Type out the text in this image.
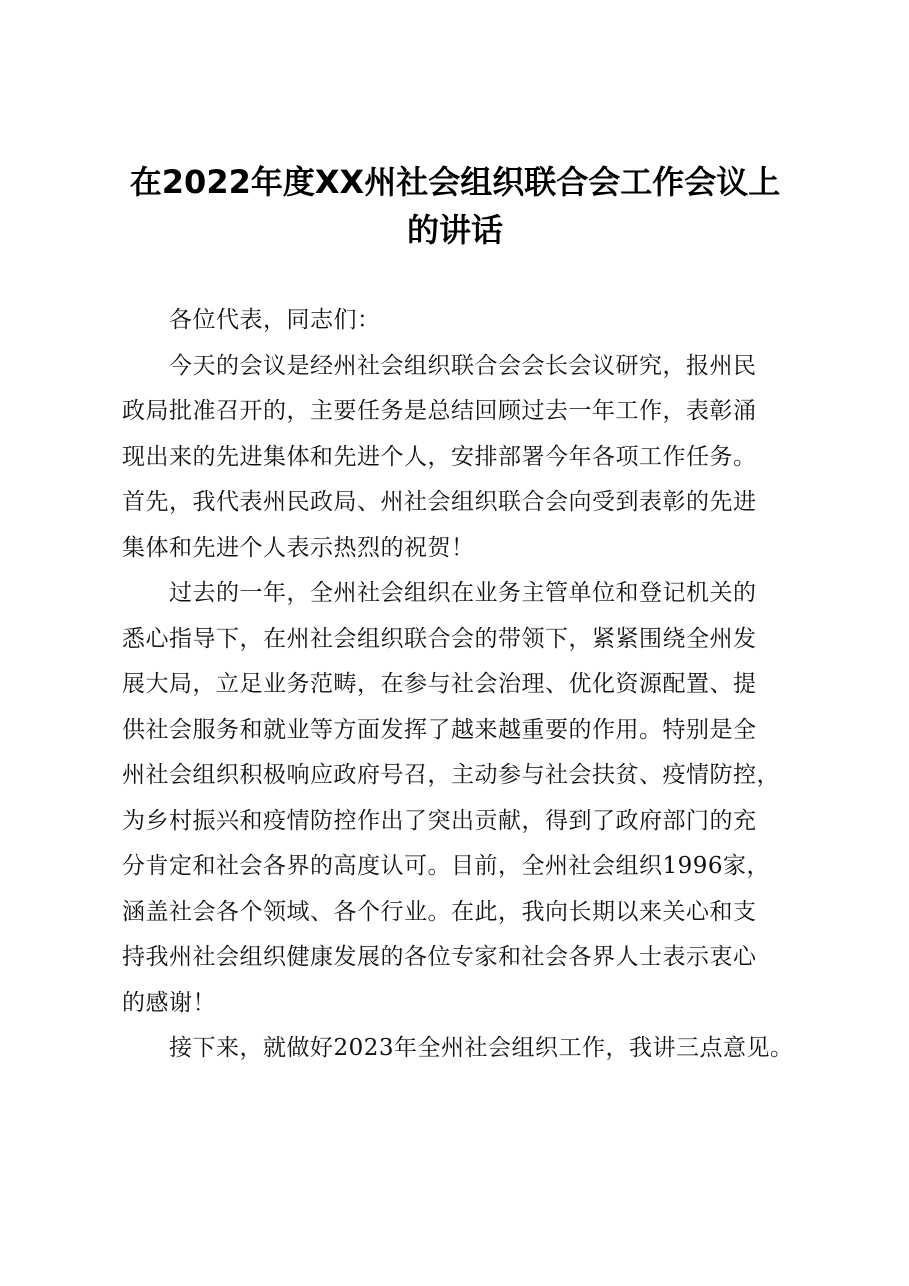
在2022年度XX州社会组织联合会工作会议上
的讲话
　　各位代表，同志们：
　　今天的会议是经州社会组织联合会会长会议研究，报州民
政局批准召开的，主要任务是总结回顾过去一年工作，表彰涌
现出来的先进集体和先进个人，安排部署今年各项工作任务。
首先，我代表州民政局、州社会组织联合会向受到表彰的先进
集体和先进个人表示热烈的祝贺！
　　过去的一年，全州社会组织在业务主管单位和登记机关的
悉心指导下，在州社会组织联合会的带领下，紧紧围绕全州发
展大局，立足业务范畴，在参与社会治理、优化资源配置、提
供社会服务和就业等方面发挥了越来越重要的作用。特别是全
州社会组织积极响应政府号召，主动参与社会扶贫、疫情防控，
为乡村振兴和疫情防控作出了突出贡献，得到了政府部门的充
分肯定和社会各界的高度认可。目前，全州社会组织1996家，
涵盖社会各个领域、各个行业。在此，我向长期以来关心和支
持我州社会组织健康发展的各位专家和社会各界人士表示衷心
的感谢！
　　接下来，就做好2023年全州社会组织工作，我讲三点意见。
